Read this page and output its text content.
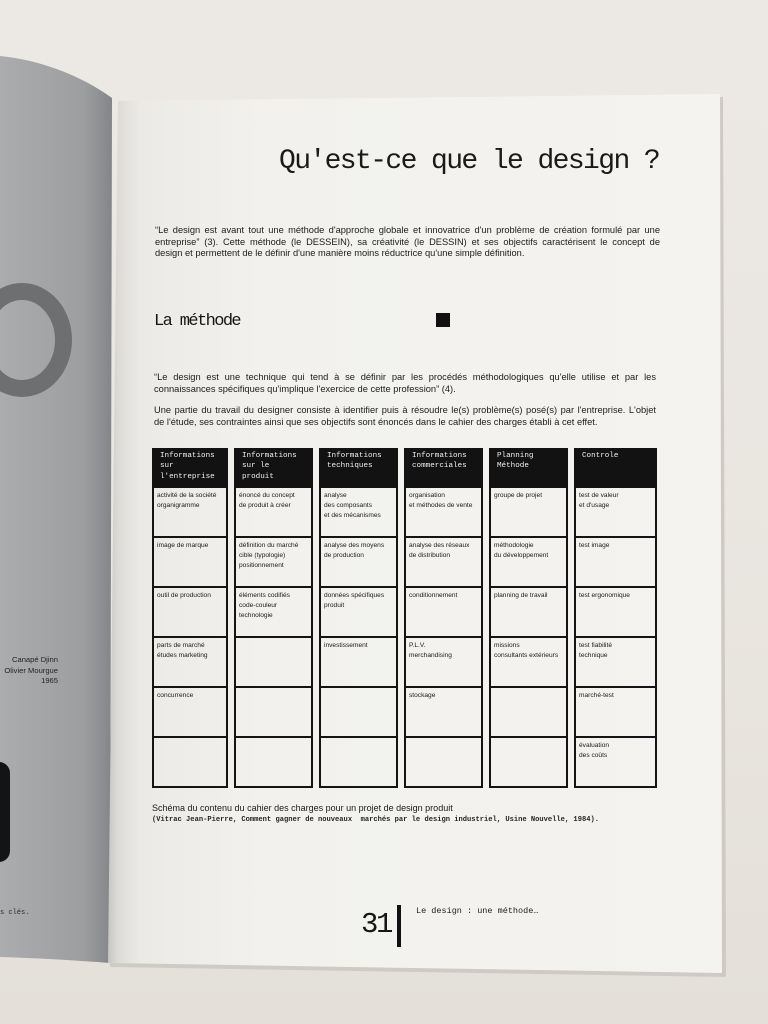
Canapé Djinn
Olivier Mourgue
1965
s clés.
Qu'est-ce que le design ?
“Le design est avant tout une méthode d'approche globale et innovatrice d'un problème de création formulé par une
entreprise” (3). Cette méthode (le DESSEIN), sa créativité (le DESSIN) et ses objectifs caractérisent le concept de
design et permettent de le définir d'une manière moins réductrice qu'une simple définition.
La méthode
“Le design est une technique qui tend à se définir par les procédés méthodologiques qu'elle utilise et par les
connaissances spécifiques qu'implique l'exercice de cette profession” (4).
Une partie du travail du designer consiste à identifier puis à résoudre le(s) problème(s) posé(s) par l'entreprise. L'objet
de l'étude, ses contraintes ainsi que ses objectifs sont énoncés dans le cahier des charges établi à cet effet.
Informations
sur
l'entreprise
activité de la société
organigramme
image de marque
outil de production
parts de marché
études marketing
concurrence
Informations
sur le
produit
énoncé du concept
de produit à créer
définition du marché
cible (typologie)
positionnement
éléments codifiés
code-couleur
technologie
Informations
techniques
analyse
des composants
et des mécanismes
analyse des moyens
de production
données spécifiques
produit
investissement
Informations
commerciales
organisation
et méthodes de vente
analyse des réseaux
de distribution
conditionnement
P.L.V.
merchandising
stockage
Planning
Méthode
groupe de projet
méthodologie
du développement
planning de travail
missions
consultants extérieurs
Controle
test de valeur
et d'usage
test image
test ergonomique
test fiabilité
technique
marché-test
évaluation
des coûts
Schéma du contenu du cahier des charges pour un projet de design produit
(Vitrac Jean-Pierre, Comment gagner de nouveaux  marchés par le design industriel, Usine Nouvelle, 1984).
31	Le design : une méthode…
